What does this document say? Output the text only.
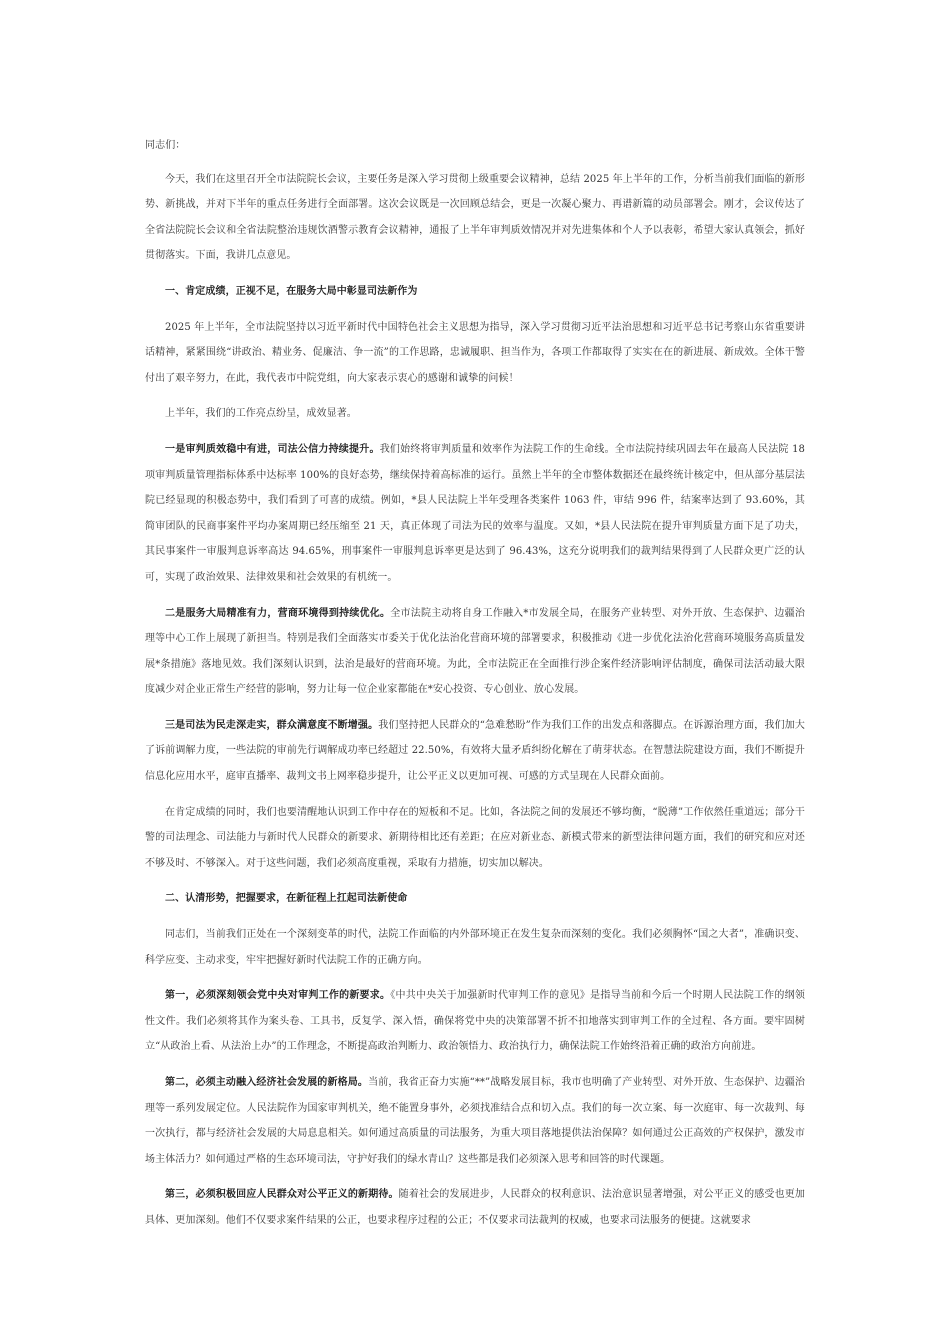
同志们：

今天，我们在这里召开全市法院院长会议，主要任务是深入学习贯彻上级重要会议精神，总结 2025 年上半年的工作，分析当前我们面临的新形势、新挑战，并对下半年的重点任务进行全面部署。这次会议既是一次回顾总结会，更是一次凝心聚力、再谱新篇的动员部署会。刚才，会议传达了全省法院院长会议和全省法院整治违规饮酒警示教育会议精神，通报了上半年审判质效情况并对先进集体和个人予以表彰，希望大家认真领会，抓好贯彻落实。下面，我讲几点意见。

一、肯定成绩，正视不足，在服务大局中彰显司法新作为

2025 年上半年，全市法院坚持以习近平新时代中国特色社会主义思想为指导，深入学习贯彻习近平法治思想和习近平总书记考察山东省重要讲话精神，紧紧围绕“讲政治、精业务、促廉洁、争一流”的工作思路，忠诚履职、担当作为，各项工作都取得了实实在在的新进展、新成效。全体干警付出了艰辛努力，在此，我代表市中院党组，向大家表示衷心的感谢和诚挚的问候！

上半年，我们的工作亮点纷呈，成效显著。

一是审判质效稳中有进，司法公信力持续提升。我们始终将审判质量和效率作为法院工作的生命线。全市法院持续巩固去年在最高人民法院 18 项审判质量管理指标体系中达标率 100%的良好态势，继续保持着高标准的运行。虽然上半年的全市整体数据还在最终统计核定中，但从部分基层法院已经显现的积极态势中，我们看到了可喜的成绩。例如，*县人民法院上半年受理各类案件 1063 件，审结 996 件，结案率达到了 93.60%，其简审团队的民商事案件平均办案周期已经压缩至 21 天，真正体现了司法为民的效率与温度。又如，*县人民法院在提升审判质量方面下足了功夫，其民事案件一审服判息诉率高达 94.65%，刑事案件一审服判息诉率更是达到了 96.43%，这充分说明我们的裁判结果得到了人民群众更广泛的认可，实现了政治效果、法律效果和社会效果的有机统一。

二是服务大局精准有力，营商环境得到持续优化。全市法院主动将自身工作融入*市发展全局，在服务产业转型、对外开放、生态保护、边疆治理等中心工作上展现了新担当。特别是我们全面落实市委关于优化法治化营商环境的部署要求，积极推动《进一步优化法治化营商环境服务高质量发展*条措施》落地见效。我们深刻认识到，法治是最好的营商环境。为此，全市法院正在全面推行涉企案件经济影响评估制度，确保司法活动最大限度减少对企业正常生产经营的影响，努力让每一位企业家都能在*安心投资、专心创业、放心发展。

三是司法为民走深走实，群众满意度不断增强。我们坚持把人民群众的“急难愁盼”作为我们工作的出发点和落脚点。在诉源治理方面，我们加大了诉前调解力度，一些法院的审前先行调解成功率已经超过 22.50%，有效将大量矛盾纠纷化解在了萌芽状态。在智慧法院建设方面，我们不断提升信息化应用水平，庭审直播率、裁判文书上网率稳步提升，让公平正义以更加可视、可感的方式呈现在人民群众面前。

在肯定成绩的同时，我们也要清醒地认识到工作中存在的短板和不足。比如，各法院之间的发展还不够均衡，“脱薄”工作依然任重道远；部分干警的司法理念、司法能力与新时代人民群众的新要求、新期待相比还有差距；在应对新业态、新模式带来的新型法律问题方面，我们的研究和应对还不够及时、不够深入。对于这些问题，我们必须高度重视，采取有力措施，切实加以解决。

二、认清形势，把握要求，在新征程上扛起司法新使命

同志们，当前我们正处在一个深刻变革的时代，法院工作面临的内外部环境正在发生复杂而深刻的变化。我们必须胸怀“国之大者”，准确识变、科学应变、主动求变，牢牢把握好新时代法院工作的正确方向。

第一，必须深刻领会党中央对审判工作的新要求。《中共中央关于加强新时代审判工作的意见》是指导当前和今后一个时期人民法院工作的纲领性文件。我们必须将其作为案头卷、工具书，反复学、深入悟，确保将党中央的决策部署不折不扣地落实到审判工作的全过程、各方面。要牢固树立“从政治上看、从法治上办”的工作理念，不断提高政治判断力、政治领悟力、政治执行力，确保法院工作始终沿着正确的政治方向前进。

第二，必须主动融入经济社会发展的新格局。当前，我省正奋力实施“**”战略发展目标，我市也明确了产业转型、对外开放、生态保护、边疆治理等一系列发展定位。人民法院作为国家审判机关，绝不能置身事外，必须找准结合点和切入点。我们的每一次立案、每一次庭审、每一次裁判、每一次执行，都与经济社会发展的大局息息相关。如何通过高质量的司法服务，为重大项目落地提供法治保障？如何通过公正高效的产权保护，激发市场主体活力？如何通过严格的生态环境司法，守护好我们的绿水青山？这些都是我们必须深入思考和回答的时代课题。

第三，必须积极回应人民群众对公平正义的新期待。随着社会的发展进步，人民群众的权利意识、法治意识显著增强，对公平正义的感受也更加具体、更加深刻。他们不仅要求案件结果的公正，也要求程序过程的公正；不仅要求司法裁判的权威，也要求司法服务的便捷。这就要求
